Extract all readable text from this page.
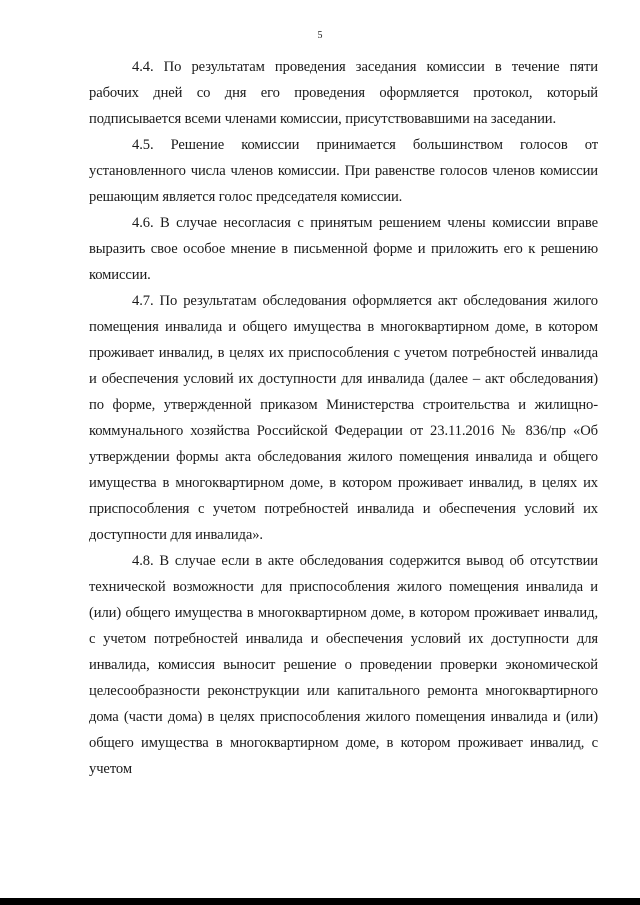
5

4.4. По результатам проведения заседания комиссии в течение пяти рабочих дней со дня его проведения оформляется протокол, который подписывается всеми членами комиссии, присутствовавшими на заседании.

4.5. Решение комиссии принимается большинством голосов от установленного числа членов комиссии. При равенстве голосов членов комиссии решающим является голос председателя комиссии.

4.6. В случае несогласия с принятым решением члены комиссии вправе выразить свое особое мнение в письменной форме и приложить его к решению комиссии.

4.7. По результатам обследования оформляется акт обследования жилого помещения инвалида и общего имущества в многоквартирном доме, в котором проживает инвалид, в целях их приспособления с учетом потребностей инвалида и обеспечения условий их доступности для инвалида (далее – акт обследования) по форме, утвержденной приказом Министерства строительства и жилищно-коммунального хозяйства Российской Федерации от 23.11.2016 № 836/пр «Об утверждении формы акта обследования жилого помещения инвалида и общего имущества в многоквартирном доме, в котором проживает инвалид, в целях их приспособления с учетом потребностей инвалида и обеспечения условий их доступности для инвалида».

4.8. В случае если в акте обследования содержится вывод об отсутствии технической возможности для приспособления жилого помещения инвалида и (или) общего имущества в многоквартирном доме, в котором проживает инвалид, с учетом потребностей инвалида и обеспечения условий их доступности для инвалида, комиссия выносит решение о проведении проверки экономической целесообразности реконструкции или капитального ремонта многоквартирного дома (части дома) в целях приспособления жилого помещения инвалида и (или) общего имущества в многоквартирном доме, в котором проживает инвалид, с учетом
